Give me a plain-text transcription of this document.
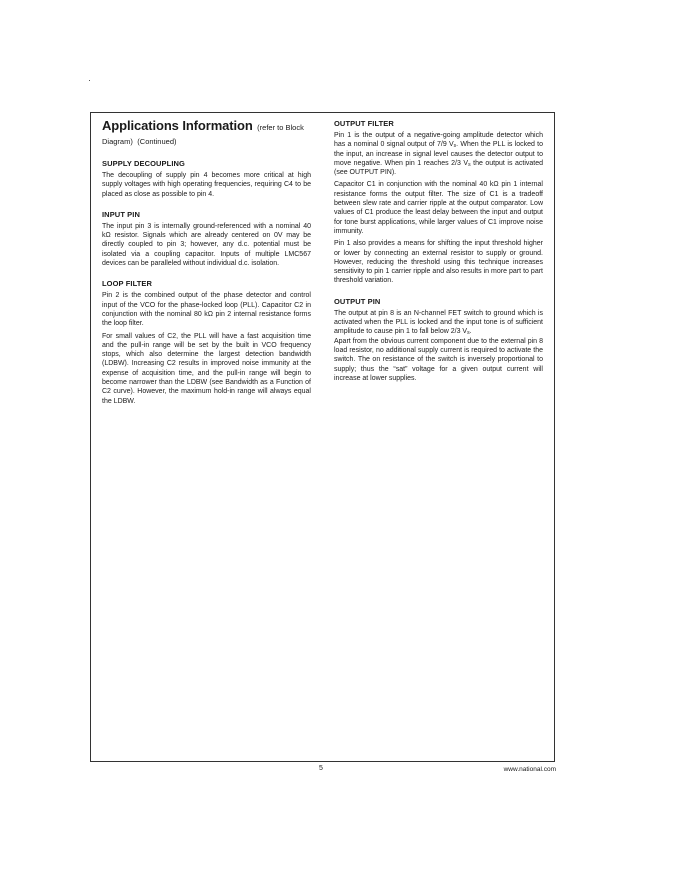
Applications Information (refer to Block Diagram) (Continued)
SUPPLY DECOUPLING

The decoupling of supply pin 4 becomes more critical at high supply voltages with high operating frequencies, requiring C4 to be placed as close as possible to pin 4.

INPUT PIN

The input pin 3 is internally ground-referenced with a nominal 40 kΩ resistor. Signals which are already centered on 0V may be directly coupled to pin 3; however, any d.c. potential must be isolated via a coupling capacitor. Inputs of multiple LMC567 devices can be paralleled without individual d.c. isolation.

LOOP FILTER

Pin 2 is the combined output of the phase detector and control input of the VCO for the phase-locked loop (PLL). Capacitor C2 in conjunction with the nominal 80 kΩ pin 2 internal resistance forms the loop filter.

For small values of C2, the PLL will have a fast acquisition time and the pull-in range will be set by the built in VCO frequency stops, which also determine the largest detection bandwidth (LDBW). Increasing C2 results in improved noise immunity at the expense of acquisition time, and the pull-in range will begin to become narrower than the LDBW (see Bandwidth as a Function of C2 curve). However, the maximum hold-in range will always equal the LDBW.

OUTPUT FILTER

Pin 1 is the output of a negative-going amplitude detector which has a nominal 0 signal output of 7/9 $V_s$. When the PLL is locked to the input, an increase in signal level causes the detector output to move negative. When pin 1 reaches 2/3 $V_s$ the output is activated (see OUTPUT PIN).

Capacitor C1 in conjunction with the nominal 40 kΩ pin 1 internal resistance forms the output filter. The size of C1 is a tradeoff between slew rate and carrier ripple at the output comparator. Low values of C1 produce the least delay between the input and output for tone burst applications, while larger values of C1 improve noise immunity.

Pin 1 also provides a means for shifting the input threshold higher or lower by connecting an external resistor to supply or ground. However, reducing the threshold using this technique increases sensitivity to pin 1 carrier ripple and also results in more part to part threshold variation.

OUTPUT PIN

The output at pin 8 is an N-channel FET switch to ground which is activated when the PLL is locked and the input tone is of sufficient amplitude to cause pin 1 to fall below 2/3 $V_s$.

Apart from the obvious current component due to the external pin 8 load resistor, no additional supply current is required to activate the switch. The on resistance of the switch is inversely proportional to supply; thus the “sat” voltage for a given output current will increase at lower supplies.

5	www.national.com
